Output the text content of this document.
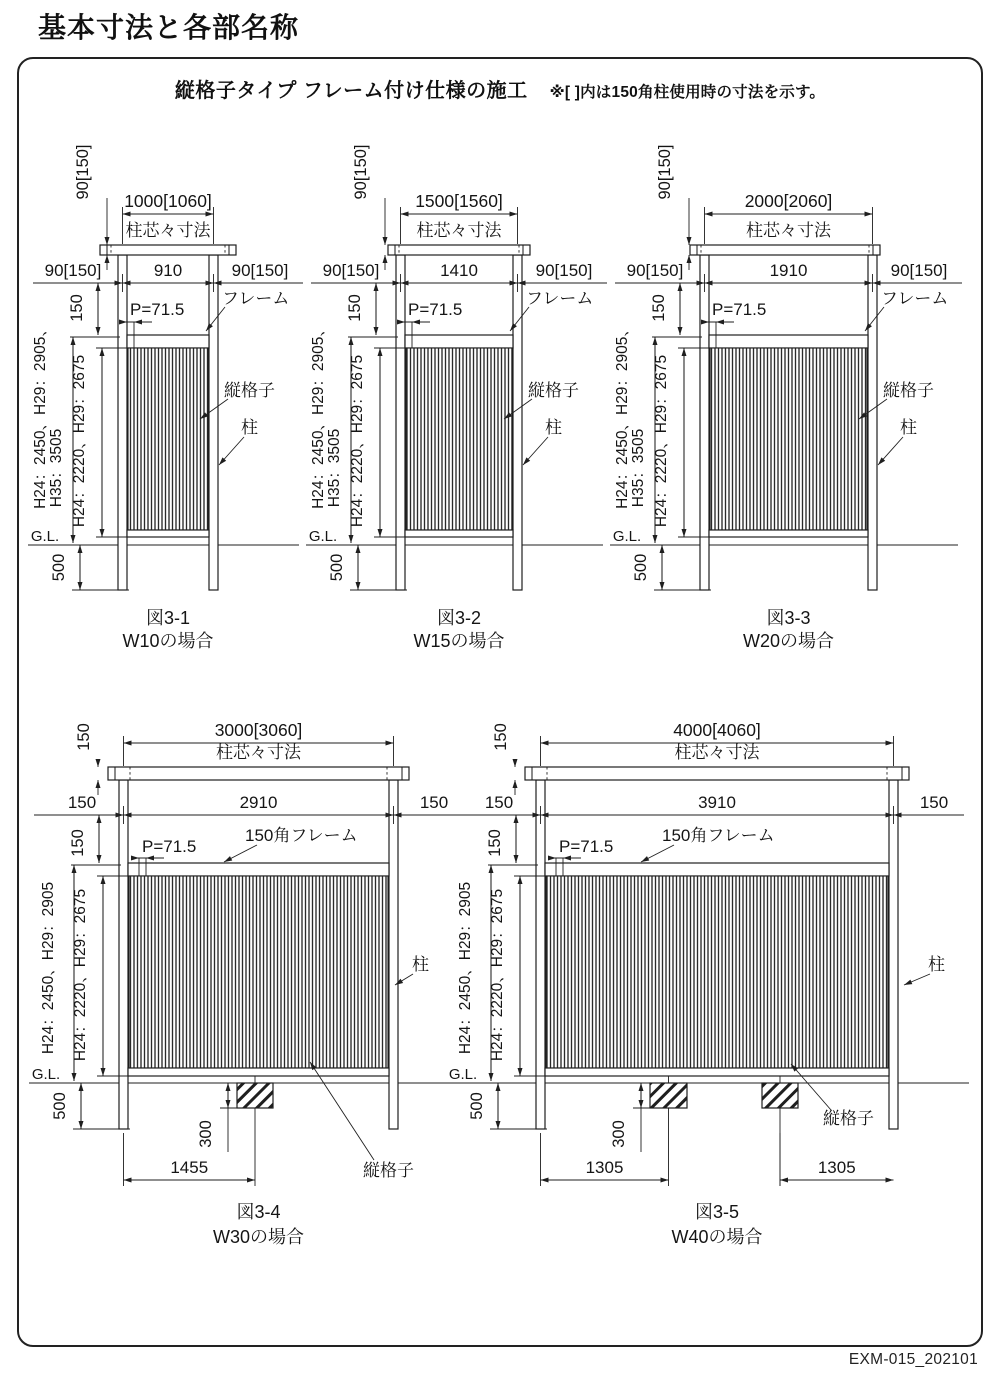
基本寸法と各部名称
縦格子タイプ フレーム付け仕様の施工 ※[ ]内は150角柱使用時の寸法を示す。
1000[1060]
柱芯々寸法
90[150]
90[150]	910	90[150]
150
H24：2450、H29：2905、 H35：3505 H24：2220、H29：2675
G.L.
500
P=71.5
フレーム
縦格子
柱
図3-1
W10の場合
1500[1560]
柱芯々寸法
90[150]
90[150]	1410	90[150]
150
H24：2450、H29：2905、 H35：3505 H24：2220、H29：2675
G.L.
500
P=71.5
フレーム
縦格子
柱
図3-2
W15の場合
2000[2060]
柱芯々寸法
90[150]
90[150]	1910	90[150]
150
H24：2450、H29：2905、 H35：3505 H24：2220、H29：2675
G.L.
500
P=71.5
フレーム
縦格子
柱
図3-3
W20の場合
3000[3060]
柱芯々寸法
150
150	2910	150
150
H24：2450、H29：2905 H24：2220、H29：2675
G.L.
500
P=71.5
150角フレーム
300
1455	縦格子
柱
図3-4
W30の場合
4000[4060]
柱芯々寸法
150
150	3910	150
150
H24：2450、H29：2905 H24：2220、H29：2675
G.L.
500
P=71.5
150角フレーム
300
1305	1305
縦格子
柱
図3-5
W40の場合
EXM-015_202101
